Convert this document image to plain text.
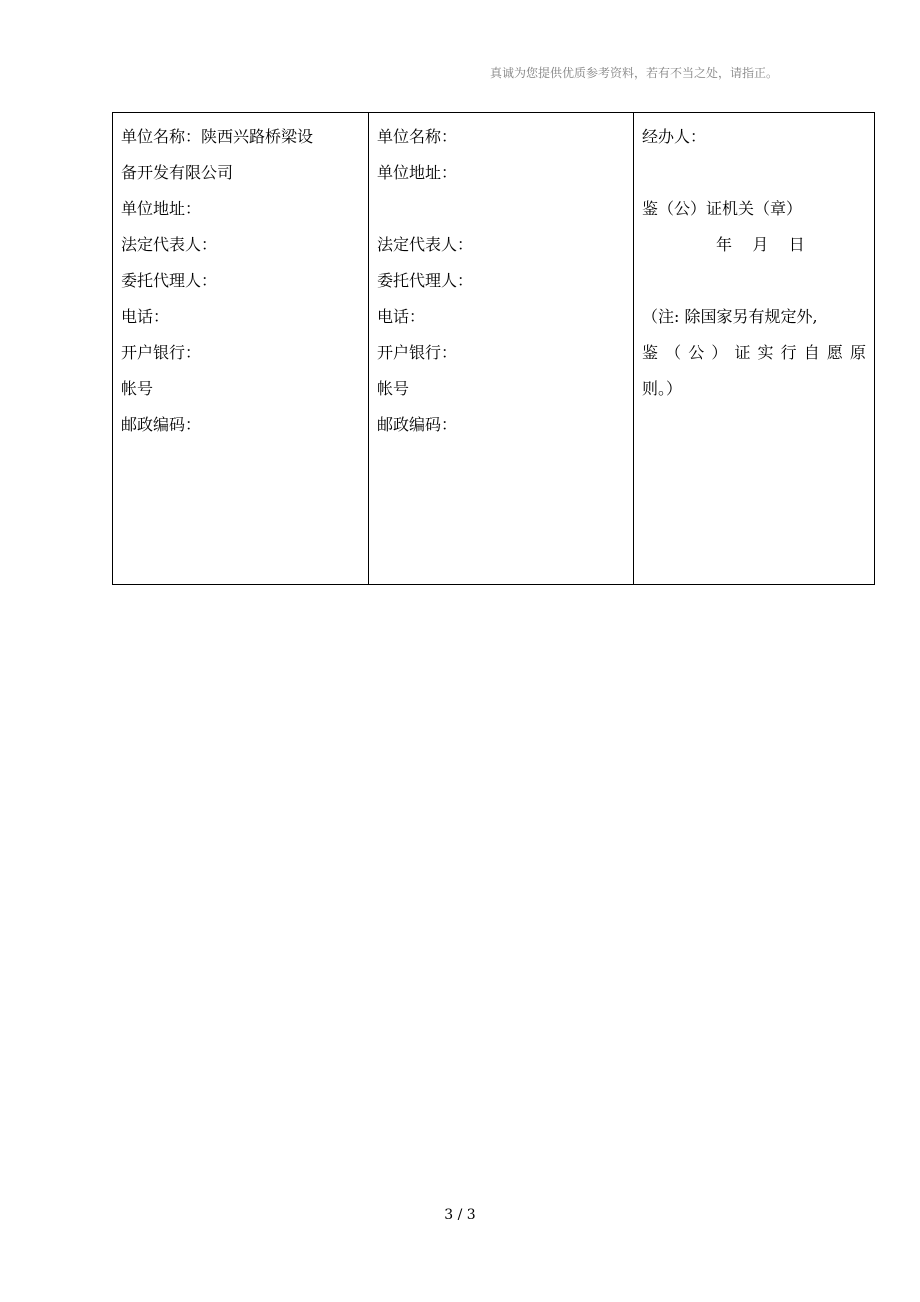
真诚为您提供优质参考资料，若有不当之处，请指正。
单位名称：陕西兴路桥梁设
备开发有限公司
单位地址：
法定代表人：
委托代理人：
电话：
开户银行：
帐号
邮政编码：

单位名称：
单位地址：
法定代表人：
委托代理人：
电话：
开户银行：
帐号
邮政编码：

经办人：
鉴（公）证机关（章）
年    月    日
（注: 除国家另有规定外,
鉴（公）证实行自愿原
则。）
3 / 3
